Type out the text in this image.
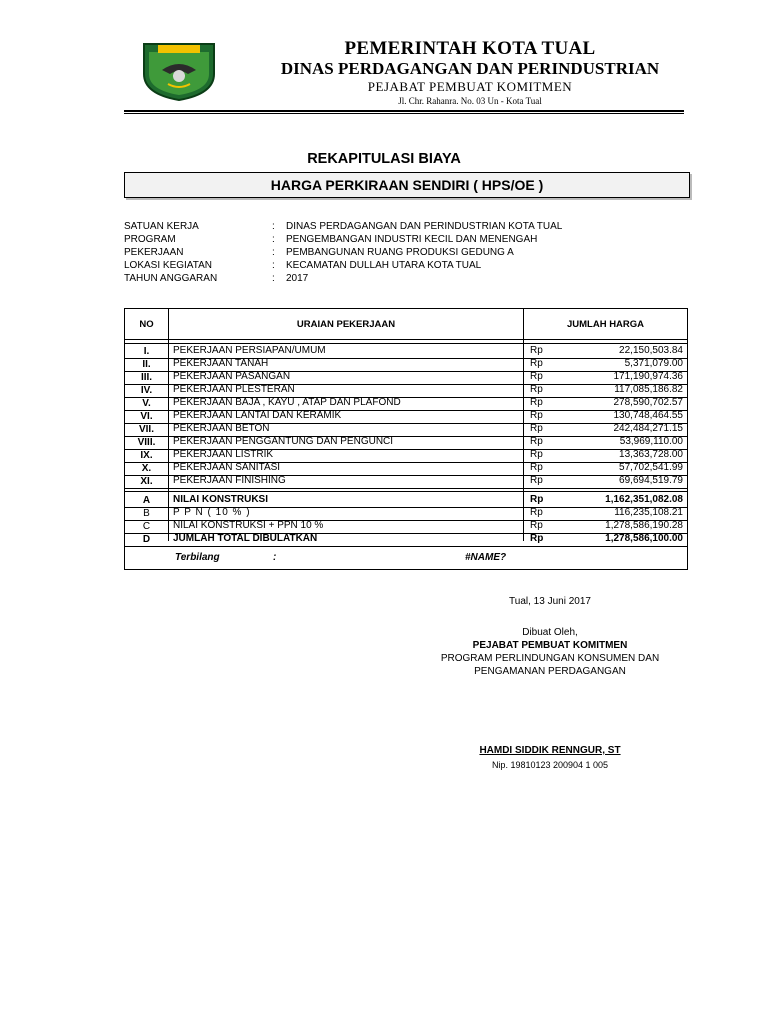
PEMERINTAH KOTA TUAL
DINAS PERDAGANGAN DAN PERINDUSTRIAN
PEJABAT PEMBUAT KOMITMEN
Jl. Chr. Rahanra. No. 03 Un - Kota Tual
REKAPITULASI BIAYA
HARGA PERKIRAAN SENDIRI ( HPS/OE )
SATUAN KERJA	: DINAS PERDAGANGAN DAN PERINDUSTRIAN KOTA TUAL
PROGRAM	: PENGEMBANGAN INDUSTRI KECIL DAN MENENGAH
PEKERJAAN	: PEMBANGUNAN RUANG PRODUKSI GEDUNG A
LOKASI KEGIATAN	: KECAMATAN DULLAH UTARA KOTA TUAL
TAHUN ANGGARAN	: 2017
NO	URAIAN PEKERJAAN	JUMLAH HARGA
I.	PEKERJAAN PERSIAPAN/UMUM	Rp	22,150,503.84
II.	PEKERJAAN TANAH	Rp	5,371,079.00
III.	PEKERJAAN PASANGAN	Rp	171,190,974.36
IV.	PEKERJAAN PLESTERAN	Rp	117,085,186.82
V.	PEKERJAAN BAJA , KAYU , ATAP DAN PLAFOND	Rp	278,590,702.57
VI.	PEKERJAAN LANTAI DAN KERAMIK	Rp	130,748,464.55
VII.	PEKERJAAN BETON	Rp	242,484,271.15
VIII.	PEKERJAAN PENGGANTUNG DAN PENGUNCI	Rp	53,969,110.00
IX.	PEKERJAAN LISTRIK	Rp	13,363,728.00
X.	PEKERJAAN SANITASI	Rp	57,702,541.99
XI.	PEKERJAAN FINISHING	Rp	69,694,519.79
A	NILAI KONSTRUKSI	Rp	1,162,351,082.08
B	P P N ( 10 % )	Rp	116,235,108.21
C	NILAI KONSTRUKSI + PPN 10 %	Rp	1,278,586,190.28
D	JUMLAH TOTAL DIBULATKAN	Rp	1,278,586,100.00
Terbilang	:	#NAME?
Tual, 13 Juni 2017
Dibuat Oleh,
PEJABAT PEMBUAT KOMITMEN
PROGRAM PERLINDUNGAN KONSUMEN DAN
PENGAMANAN PERDAGANGAN
HAMDI SIDDIK RENNGUR, ST
Nip. 19810123 200904 1 005
